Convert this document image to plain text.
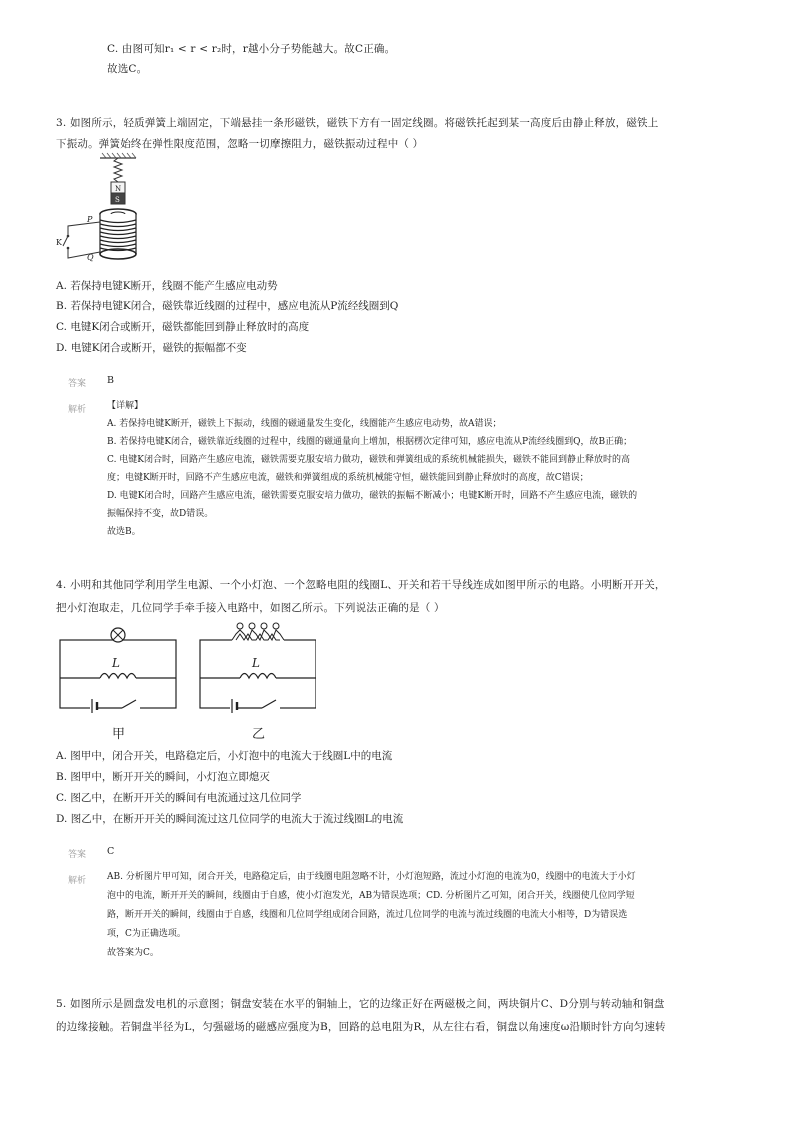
C. 由图可知r₁ < r < r₂时，r越小分子势能越大。故C正确。
故选C。
3. 如图所示，轻质弹簧上端固定，下端悬挂一条形磁铁，磁铁下方有一固定线圈。将磁铁托起到某一高度后由静止释放，磁铁上
下振动。弹簧始终在弹性限度范围，忽略一切摩擦阻力，磁铁振动过程中（ ）
N
S
P
Q
K
A. 若保持电键K断开，线圈不能产生感应电动势
B. 若保持电键K闭合，磁铁靠近线圈的过程中，感应电流从P流经线圈到Q
C. 电键K闭合或断开，磁铁都能回到静止释放时的高度
D. 电键K闭合或断开，磁铁的振幅都不变
答案 B
解析 【详解】
A. 若保持电键K断开，磁铁上下振动，线圈的磁通量发生变化，线圈能产生感应电动势，故A错误；
B. 若保持电键K闭合，磁铁靠近线圈的过程中，线圈的磁通量向上增加，根据楞次定律可知，感应电流从P流经线圈到Q，故B正确；
C. 电键K闭合时，回路产生感应电流，磁铁需要克服安培力做功，磁铁和弹簧组成的系统机械能损失，磁铁不能回到静止释放时的高
度；电键K断开时，回路不产生感应电流，磁铁和弹簧组成的系统机械能守恒，磁铁能回到静止释放时的高度，故C错误；
D. 电键K闭合时，回路产生感应电流，磁铁需要克服安培力做功，磁铁的振幅不断减小；电键K断开时，回路不产生感应电流，磁铁的
振幅保持不变，故D错误。
故选B。
4. 小明和其他同学利用学生电源、一个小灯泡、一个忽略电阻的线圈L、开关和若干导线连成如图甲所示的电路。小明断开开关，
把小灯泡取走，几位同学手牵手接入电路中，如图乙所示。下列说法正确的是（ ）
L	L
甲	乙
A. 图甲中，闭合开关，电路稳定后，小灯泡中的电流大于线圈L中的电流
B. 图甲中，断开开关的瞬间，小灯泡立即熄灭
C. 图乙中，在断开开关的瞬间有电流通过这几位同学
D. 图乙中，在断开开关的瞬间流过这几位同学的电流大于流过线圈L的电流
答案 C
解析 AB. 分析图片甲可知，闭合开关，电路稳定后，由于线圈电阻忽略不计，小灯泡短路，流过小灯泡的电流为0，线圈中的电流大于小灯
泡中的电流，断开开关的瞬间，线圈由于自感，使小灯泡发光，AB为错误选项；CD. 分析图片乙可知，闭合开关，线圈使几位同学短
路，断开开关的瞬间，线圈由于自感，线圈和几位同学组成闭合回路，流过几位同学的电流与流过线圈的电流大小相等，D为错误选
项，C为正确选项。
故答案为C。
5. 如图所示是圆盘发电机的示意图；铜盘安装在水平的铜轴上，它的边缘正好在两磁极之间，两块铜片C、D分别与转动轴和铜盘
的边缘接触。若铜盘半径为L，匀强磁场的磁感应强度为B，回路的总电阻为R，从左往右看，铜盘以角速度ω沿顺时针方向匀速转
